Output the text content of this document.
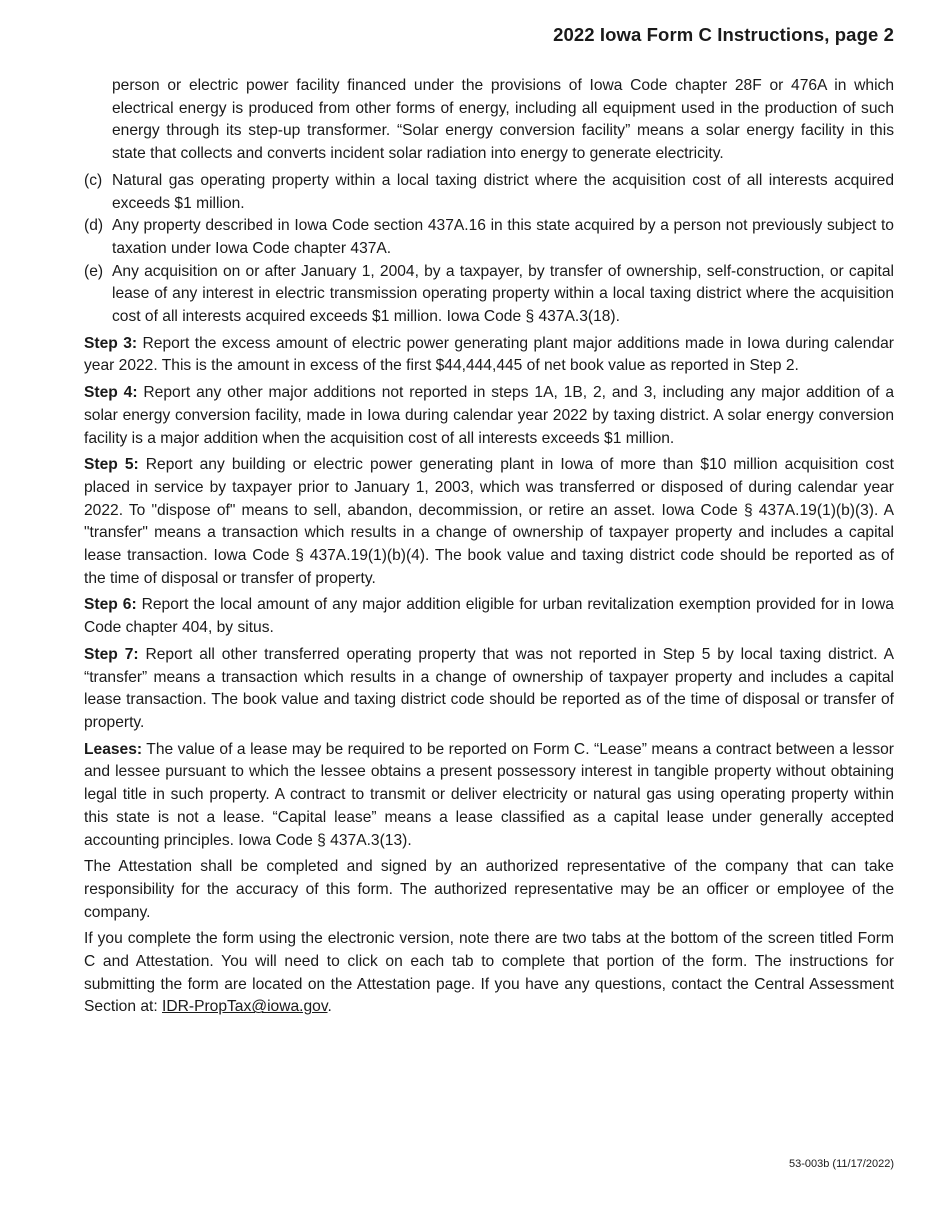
2022 Iowa Form C Instructions, page 2

person or electric power facility financed under the provisions of Iowa Code chapter 28F or 476A in which electrical energy is produced from other forms of energy, including all equipment used in the production of such energy through its step-up transformer. “Solar energy conversion facility” means a solar energy facility in this state that collects and converts incident solar radiation into energy to generate electricity.

(c) Natural gas operating property within a local taxing district where the acquisition cost of all interests acquired exceeds $1 million.
(d) Any property described in Iowa Code section 437A.16 in this state acquired by a person not previously subject to taxation under Iowa Code chapter 437A.
(e) Any acquisition on or after January 1, 2004, by a taxpayer, by transfer of ownership, self-construction, or capital lease of any interest in electric transmission operating property within a local taxing district where the acquisition cost of all interests acquired exceeds $1 million. Iowa Code § 437A.3(18).

Step 3: Report the excess amount of electric power generating plant major additions made in Iowa during calendar year 2022. This is the amount in excess of the first $44,444,445 of net book value as reported in Step 2.

Step 4: Report any other major additions not reported in steps 1A, 1B, 2, and 3, including any major addition of a solar energy conversion facility, made in Iowa during calendar year 2022 by taxing district. A solar energy conversion facility is a major addition when the acquisition cost of all interests exceeds $1 million.

Step 5: Report any building or electric power generating plant in Iowa of more than $10 million acquisition cost placed in service by taxpayer prior to January 1, 2003, which was transferred or disposed of during calendar year 2022. To "dispose of" means to sell, abandon, decommission, or retire an asset. Iowa Code § 437A.19(1)(b)(3). A "transfer" means a transaction which results in a change of ownership of taxpayer property and includes a capital lease transaction. Iowa Code § 437A.19(1)(b)(4). The book value and taxing district code should be reported as of the time of disposal or transfer of property.

Step 6: Report the local amount of any major addition eligible for urban revitalization exemption provided for in Iowa Code chapter 404, by situs.

Step 7: Report all other transferred operating property that was not reported in Step 5 by local taxing district. A “transfer” means a transaction which results in a change of ownership of taxpayer property and includes a capital lease transaction. The book value and taxing district code should be reported as of the time of disposal or transfer of property.

Leases: The value of a lease may be required to be reported on Form C. “Lease” means a contract between a lessor and lessee pursuant to which the lessee obtains a present possessory interest in tangible property without obtaining legal title in such property. A contract to transmit or deliver electricity or natural gas using operating property within this state is not a lease. “Capital lease” means a lease classified as a capital lease under generally accepted accounting principles. Iowa Code § 437A.3(13).

The Attestation shall be completed and signed by an authorized representative of the company that can take responsibility for the accuracy of this form. The authorized representative may be an officer or employee of the company.

If you complete the form using the electronic version, note there are two tabs at the bottom of the screen titled Form C and Attestation. You will need to click on each tab to complete that portion of the form. The instructions for submitting the form are located on the Attestation page. If you have any questions, contact the Central Assessment Section at: IDR-PropTax@iowa.gov.

53-003b (11/17/2022)
